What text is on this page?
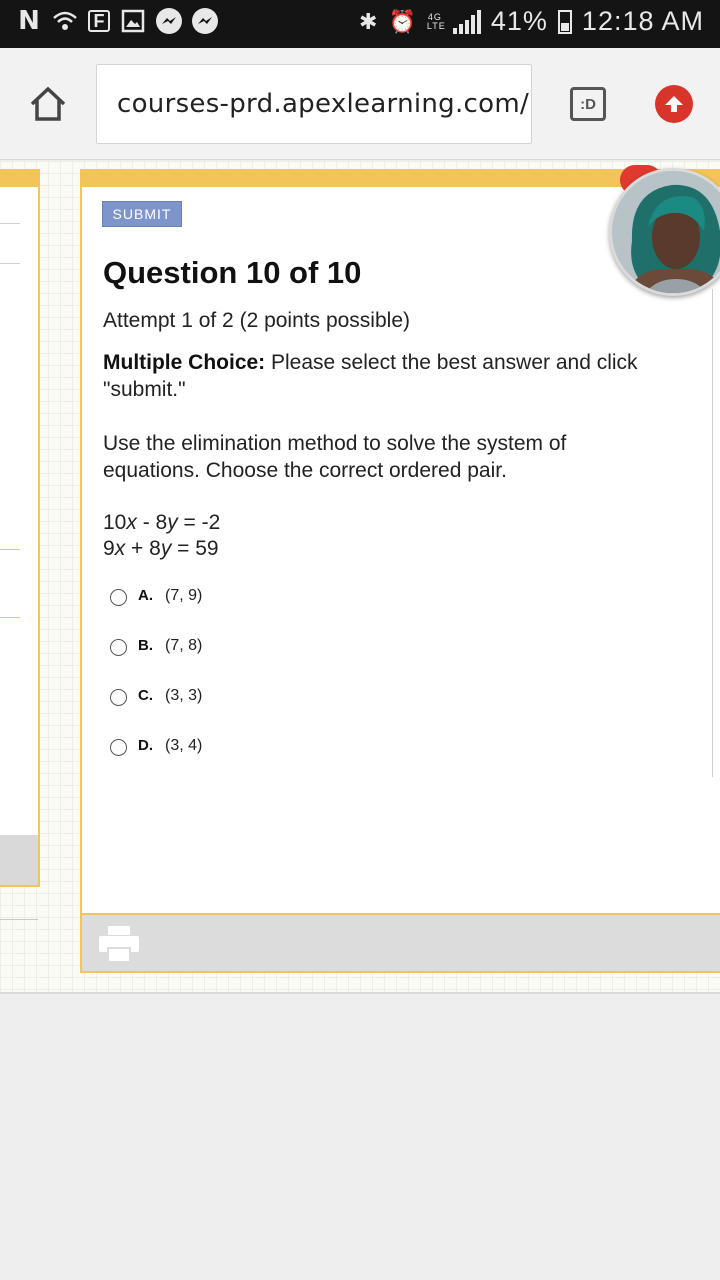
N	F	✱ ⏰ 4G LTE 41% 12:18 AM
courses-prd.apexlearning.com/	:D
SUBMIT
Question 10 of 10
Attempt 1 of 2 (2 points possible)
Multiple Choice: Please select the best answer and click "submit."
Use the elimination method to solve the system of equations. Choose the correct ordered pair.
10x - 8y = -2
9x + 8y = 59
A. (7, 9)
B. (7, 8)
C. (3, 3)
D. (3, 4)
